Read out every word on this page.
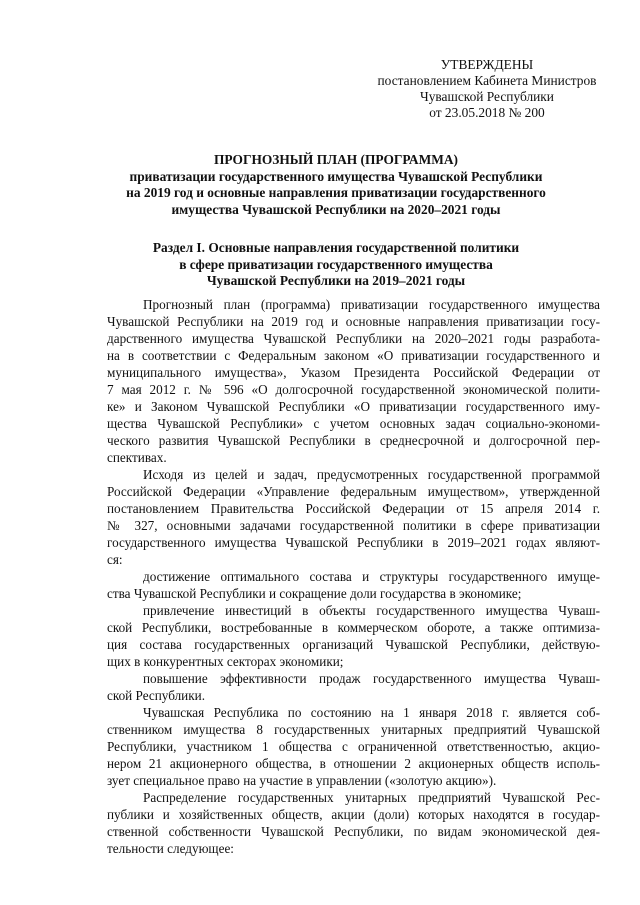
УТВЕРЖДЕНЫ
постановлением Кабинета Министров
Чувашской Республики
от 23.05.2018 № 200
ПРОГНОЗНЫЙ ПЛАН (ПРОГРАММА)
приватизации государственного имущества Чувашской Республики
на 2019 год и основные направления приватизации государственного
имущества Чувашской Республики на 2020–2021 годы
Раздел I. Основные направления государственной политики
в сфере приватизации государственного имущества
Чувашской Республики на 2019–2021 годы
Прогнозный план (программа) приватизации государственного имущества
Чувашской Республики на 2019 год и основные направления приватизации госу-
дарственного имущества Чувашской Республики на 2020–2021 годы разработа-
на в соответствии с Федеральным законом «О приватизации государственного и
муниципального имущества», Указом Президента Российской Федерации от
7 мая 2012 г. № 596 «О долгосрочной государственной экономической полити-
ке» и Законом Чувашской Республики «О приватизации государственного иму-
щества Чувашской Республики» с учетом основных задач социально-экономи-
ческого развития Чувашской Республики в среднесрочной и долгосрочной пер-
спективах.
Исходя из целей и задач, предусмотренных государственной программой
Российской Федерации «Управление федеральным имуществом», утвержденной
постановлением Правительства Российской Федерации от 15 апреля 2014 г.
№ 327, основными задачами государственной политики в сфере приватизации
государственного имущества Чувашской Республики в 2019–2021 годах являют-
ся:
достижение оптимального состава и структуры государственного имуще-
ства Чувашской Республики и сокращение доли государства в экономике;
привлечение инвестиций в объекты государственного имущества Чуваш-
ской Республики, востребованные в коммерческом обороте, а также оптимиза-
ция состава государственных организаций Чувашской Республики, действую-
щих в конкурентных секторах экономики;
повышение эффективности продаж государственного имущества Чуваш-
ской Республики.
Чувашская Республика по состоянию на 1 января 2018 г. является соб-
ственником имущества 8 государственных унитарных предприятий Чувашской
Республики, участником 1 общества с ограниченной ответственностью, акцио-
нером 21 акционерного общества, в отношении 2 акционерных обществ исполь-
зует специальное право на участие в управлении («золотую акцию»).
Распределение государственных унитарных предприятий Чувашской Рес-
публики и хозяйственных обществ, акции (доли) которых находятся в государ-
ственной собственности Чувашской Республики, по видам экономической дея-
тельности следующее:
